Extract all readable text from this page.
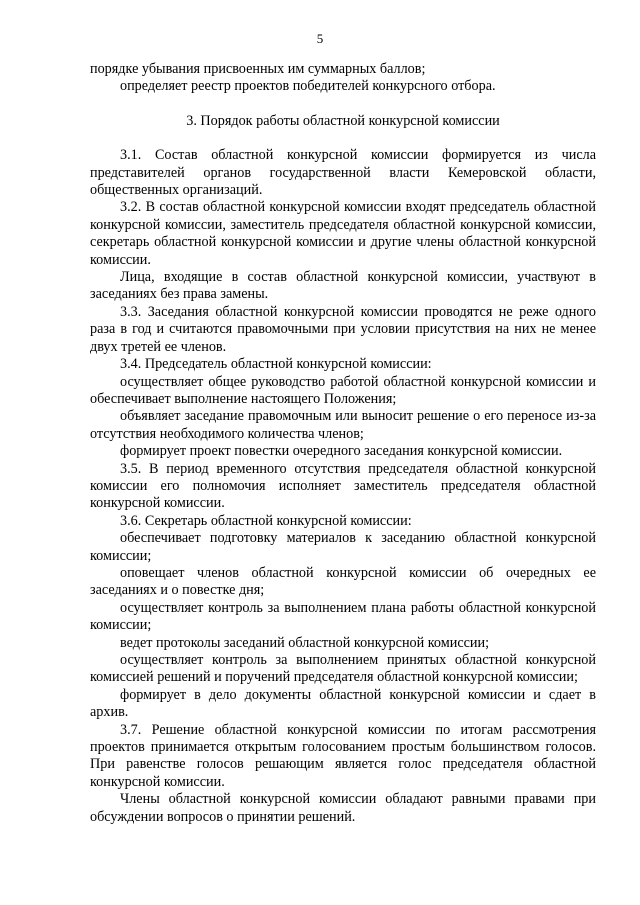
5

порядке убывания присвоенных им суммарных баллов;

определяет реестр проектов победителей конкурсного отбора.

3. Порядок работы областной конкурсной комиссии

3.1. Состав областной конкурсной комиссии формируется из числа представителей органов государственной власти Кемеровской области, общественных организаций.

3.2. В состав областной конкурсной комиссии входят председатель областной конкурсной комиссии, заместитель председателя областной конкурсной комиссии, секретарь областной конкурсной комиссии и другие члены областной конкурсной комиссии.

Лица, входящие в состав областной конкурсной комиссии, участвуют в заседаниях без права замены.

3.3. Заседания областной конкурсной комиссии проводятся не реже одного раза в год и считаются правомочными при условии присутствия на них не менее двух третей ее членов.

3.4. Председатель областной конкурсной комиссии:

осуществляет общее руководство работой областной конкурсной комиссии и обеспечивает выполнение настоящего Положения;

объявляет заседание правомочным или выносит решение о его переносе из-за отсутствия необходимого количества членов;

формирует проект повестки очередного заседания конкурсной комиссии.

3.5. В период временного отсутствия председателя областной конкурсной комиссии его полномочия исполняет заместитель председателя областной конкурсной комиссии.

3.6. Секретарь областной конкурсной комиссии:

обеспечивает подготовку материалов к заседанию областной конкурсной комиссии;

оповещает членов областной конкурсной комиссии об очередных ее заседаниях и о повестке дня;

осуществляет контроль за выполнением плана работы областной конкурсной комиссии;

ведет протоколы заседаний областной конкурсной комиссии;

осуществляет контроль за выполнением принятых областной конкурсной комиссией решений и поручений председателя областной конкурсной комиссии;

формирует в дело документы областной конкурсной комиссии и сдает в архив.

3.7. Решение областной конкурсной комиссии по итогам рассмотрения проектов принимается открытым голосованием простым большинством голосов. При равенстве голосов решающим является голос председателя областной конкурсной комиссии.

Члены областной конкурсной комиссии обладают равными правами при обсуждении вопросов о принятии решений.
